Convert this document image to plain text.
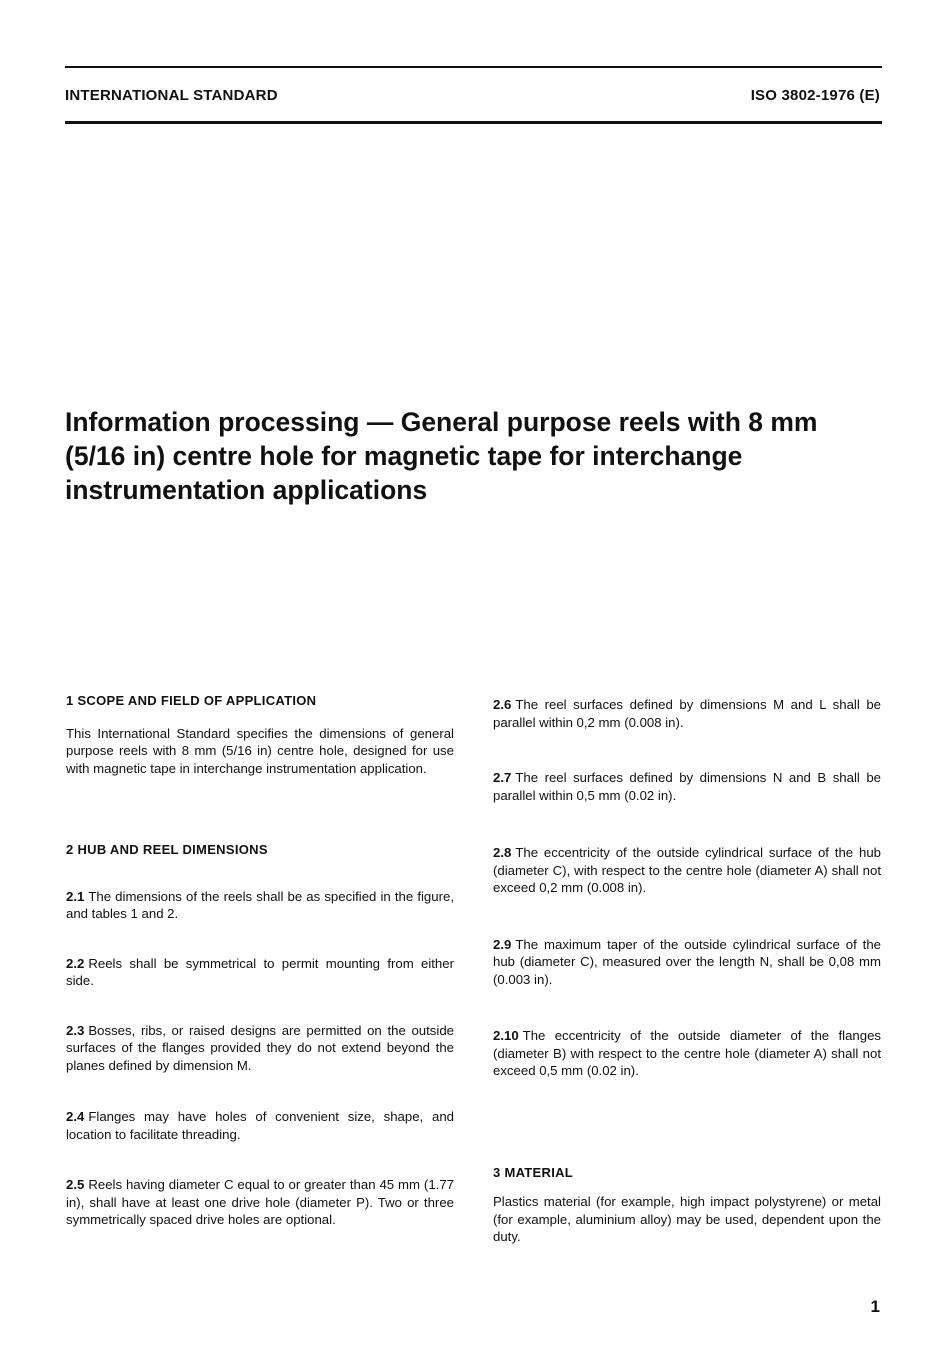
INTERNATIONAL STANDARD	ISO 3802-1976 (E)
Information processing — General purpose reels with 8 mm (5/16 in) centre hole for magnetic tape for interchange instrumentation applications

1 SCOPE AND FIELD OF APPLICATION

This International Standard specifies the dimensions of general purpose reels with 8 mm (5/16 in) centre hole, designed for use with magnetic tape in interchange instrumentation application.

2 HUB AND REEL DIMENSIONS

2.1 The dimensions of the reels shall be as specified in the figure, and tables 1 and 2.

2.2 Reels shall be symmetrical to permit mounting from either side.

2.3 Bosses, ribs, or raised designs are permitted on the outside surfaces of the flanges provided they do not extend beyond the planes defined by dimension M.

2.4 Flanges may have holes of convenient size, shape, and location to facilitate threading.

2.5 Reels having diameter C equal to or greater than 45 mm (1.77 in), shall have at least one drive hole (diameter P). Two or three symmetrically spaced drive holes are optional.

2.6 The reel surfaces defined by dimensions M and L shall be parallel within 0,2 mm (0.008 in).

2.7 The reel surfaces defined by dimensions N and B shall be parallel within 0,5 mm (0.02 in).

2.8 The eccentricity of the outside cylindrical surface of the hub (diameter C), with respect to the centre hole (diameter A) shall not exceed 0,2 mm (0.008 in).

2.9 The maximum taper of the outside cylindrical surface of the hub (diameter C), measured over the length N, shall be 0,08 mm (0.003 in).

2.10 The eccentricity of the outside diameter of the flanges (diameter B) with respect to the centre hole (diameter A) shall not exceed 0,5 mm (0.02 in).

3 MATERIAL

Plastics material (for example, high impact polystyrene) or metal (for example, aluminium alloy) may be used, dependent upon the duty.

1
